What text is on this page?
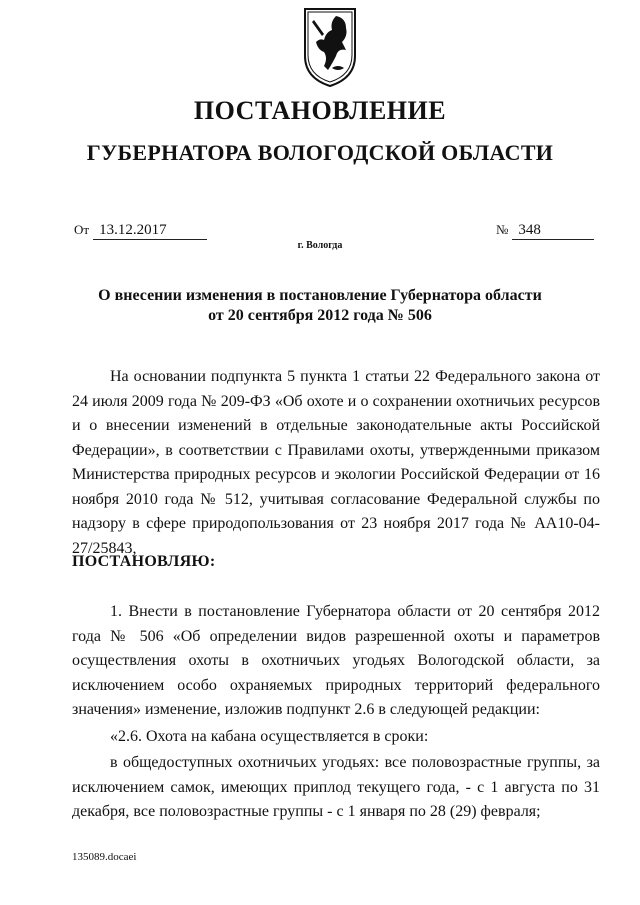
ПОСТАНОВЛЕНИЕ
ГУБЕРНАТОРА ВОЛОГОДСКОЙ ОБЛАСТИ
От 13.12.2017	№ 348
г. Вологда
О внесении изменения в постановление Губернатора области
от 20 сентября 2012 года № 506

На основании подпункта 5 пункта 1 статьи 22 Федерального закона от 24 июля 2009 года № 209-ФЗ «Об охоте и о сохранении охотничьих ресурсов и о внесении изменений в отдельные законодательные акты Российской Федерации», в соответствии с Правилами охоты, утвержденными приказом Министерства природных ресурсов и экологии Российской Федерации от 16 ноября 2010 года № 512, учитывая согласование Федеральной службы по надзору в сфере природопользования от 23 ноября 2017 года № АА10-04-27/25843,

ПОСТАНОВЛЯЮ:

1. Внести в постановление Губернатора области от 20 сентября 2012 года № 506 «Об определении видов разрешенной охоты и параметров осуществления охоты в охотничьих угодьях Вологодской области, за исключением особо охраняемых природных территорий федерального значения» изменение, изложив подпункт 2.6 в следующей редакции:

«2.6. Охота на кабана осуществляется в сроки:

в общедоступных охотничьих угодьях: все половозрастные группы, за исключением самок, имеющих приплод текущего года, - с 1 августа по 31 декабря, все половозрастные группы - с 1 января по 28 (29) февраля;

135089.docaei
